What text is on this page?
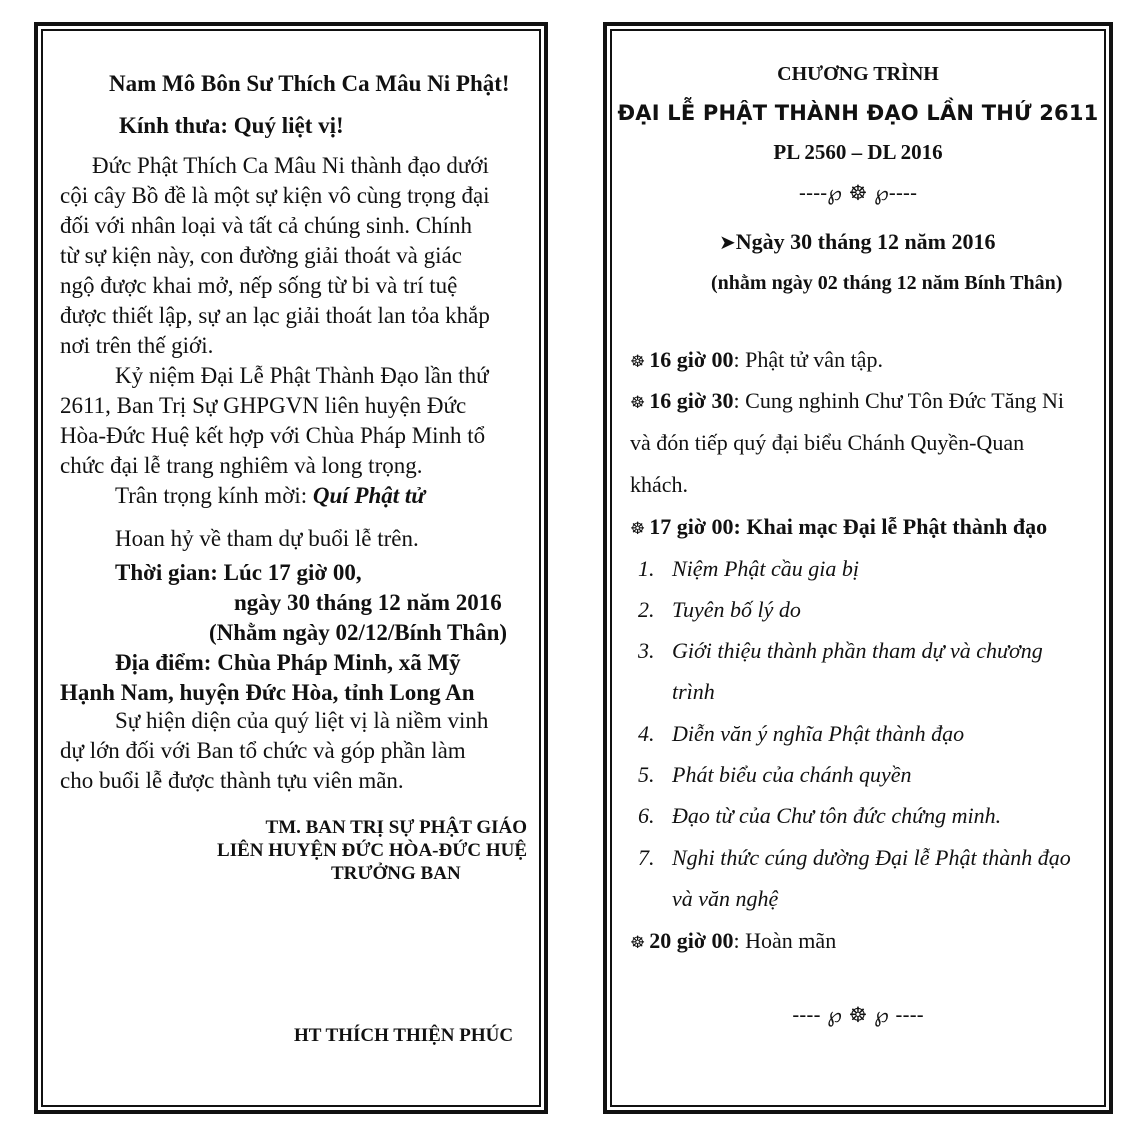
Nam Mô Bôn Sư Thích Ca Mâu Ni Phật!
Kính thưa: Quý liệt vị!
Đức Phật Thích Ca Mâu Ni thành đạo dưới
cội cây Bồ đề là một sự kiện vô cùng trọng đại
đối với nhân loại và tất cả chúng sinh. Chính
từ sự kiện này, con đường giải thoát và giác
ngộ được khai mở, nếp sống từ bi và trí tuệ
được thiết lập, sự an lạc giải thoát lan tỏa khắp
nơi trên thế giới.
Kỷ niệm Đại Lễ Phật Thành Đạo lần thứ
2611, Ban Trị Sự GHPGVN liên huyện Đức
Hòa-Đức Huệ kết hợp với Chùa Pháp Minh tổ
chức đại lễ trang nghiêm và long trọng.
Trân trọng kính mời: Quí Phật tử
Hoan hỷ về tham dự buổi lễ trên.
Thời gian: Lúc 17 giờ 00,
ngày 30 tháng 12 năm 2016
(Nhằm ngày 02/12/Bính Thân)
Địa điểm: Chùa Pháp Minh, xã Mỹ
Hạnh Nam, huyện Đức Hòa, tỉnh Long An
Sự hiện diện của quý liệt vị là niềm vinh
dự lớn đối với Ban tổ chức và góp phần làm
cho buổi lễ được thành tựu viên mãn.
TM. BAN TRỊ SỰ PHẬT GIÁO
LIÊN HUYỆN ĐỨC HÒA-ĐỨC HUỆ
TRƯỞNG BAN
HT THÍCH THIỆN PHÚC
CHƯƠNG TRÌNH
ĐẠI LỄ PHẬT THÀNH ĐẠO LẦN THỨ 2611
PL 2560 – DL 2016
----℘ ☸ ℘----
➤Ngày 30 tháng 12 năm 2016
(nhằm ngày 02 tháng 12 năm Bính Thân)
☸ 16 giờ 00: Phật tử vân tập.
☸ 16 giờ 30: Cung nghinh Chư Tôn Đức Tăng Ni
và đón tiếp quý đại biểu Chánh Quyền-Quan
khách.
☸ 17 giờ 00: Khai mạc Đại lễ Phật thành đạo
1. Niệm Phật cầu gia bị
2. Tuyên bố lý do
3. Giới thiệu thành phần tham dự và chương
trình
4. Diễn văn ý nghĩa Phật thành đạo
5. Phát biểu của chánh quyền
6. Đạo từ của Chư tôn đức chứng minh.
7. Nghi thức cúng dường Đại lễ Phật thành đạo
và văn nghệ
☸ 20 giờ 00: Hoàn mãn
---- ℘ ☸ ℘ ----
